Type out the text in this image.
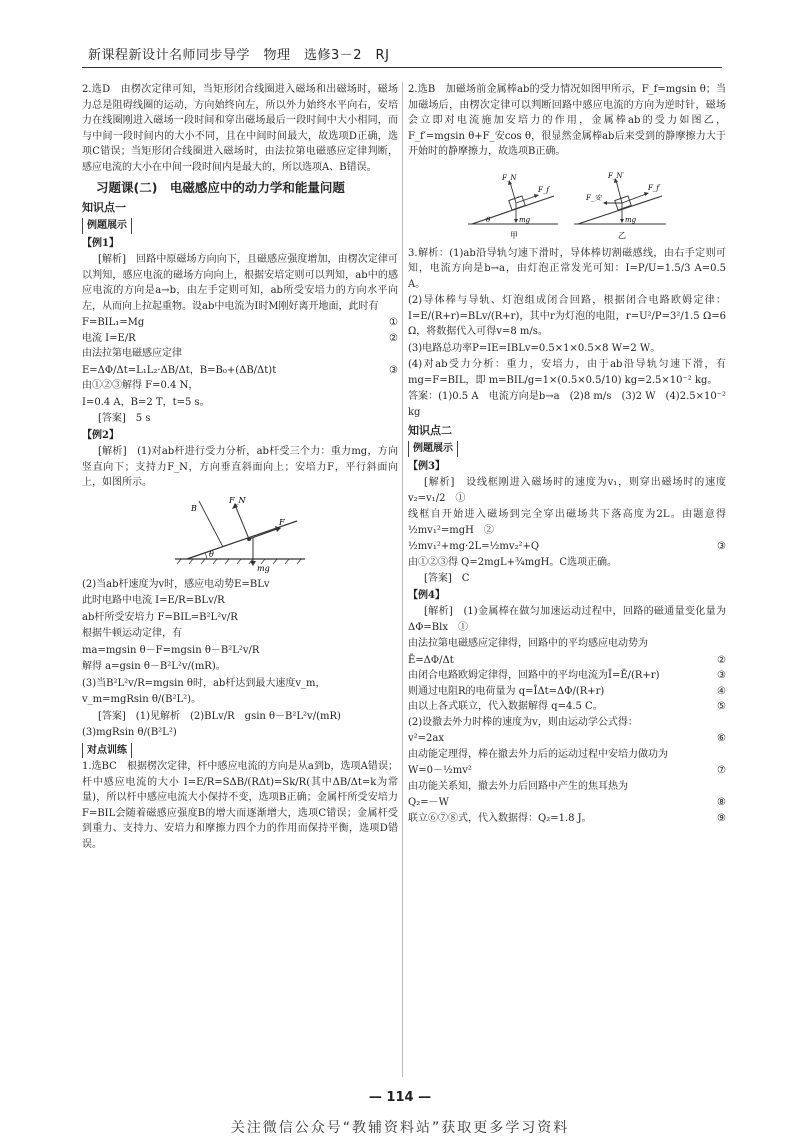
新课程新设计名师同步导学　物理　选修3－2　RJ

2.选D　由楞次定律可知，当矩形闭合线圈进入磁场和出磁场时，磁场力总是阻碍线圈的运动，方向始终向左，所以外力始终水平向右，安培力在线圈刚进入磁场一段时间和穿出磁场最后一段时间中大小相同，而与中间一段时间内的大小不同，且在中间时间最大，故选项D正确，选项C错误；当矩形闭合线圈进入磁场时，由法拉第电磁感应定律判断，感应电流的大小在中间一段时间内是最大的，所以选项A、B错误。

习题课(二)　电磁感应中的动力学和能量问题
知识点一
例题展示

【例1】

[解析]　回路中原磁场方向向下，且磁感应强度增加，由楞次定律可以判知，感应电流的磁场方向向上，根据安培定则可以判知，ab中的感应电流的方向是a→b，由左手定则可知，ab所受安培力的方向水平向左，从而向上拉起重物。设ab中电流为I时M刚好离开地面，此时有

F=BIL₁=Mg	①
电流 I=E/R	②

由法拉第电磁感应定律

E=ΔΦ/Δt=L₁L₂·ΔB/Δt，B=B₀+(ΔB/Δt)t	③

由①②③解得 F=0.4 N，

I=0.4 A，B=2 T，t=5 s。

[答案]　5 s

【例2】

[解析]　(1)对ab杆进行受力分析，ab杆受三个力：重力mg，方向竖直向下；支持力F_N，方向垂直斜面向上；安培力F，平行斜面向上，如图所示。

B
F_N
F
θ
mg

(2)当ab杆速度为v时，感应电动势E=BLv

此时电路中电流 I=E/R=BLv/R

ab杆所受安培力 F=BIL=B²L²v/R

根据牛顿运动定律，有

ma=mgsin θ－F=mgsin θ－B²L²v/R

解得 a=gsin θ－B²L²v/(mR)。

(3)当B²L²v/R=mgsin θ时，ab杆达到最大速度v_m，

v_m=mgRsin θ/(B²L²)。

[答案]　(1)见解析　(2)BLv/R　gsin θ－B²L²v/(mR)

(3)mgRsin θ/(B²L²)

对点训练

1.选BC　根据楞次定律，杆中感应电流的方向是从a到b，选项A错误；杆中感应电流的大小 I=E/R=SΔB/(RΔt)=Sk/R(其中ΔB/Δt=k为常量)，所以杆中感应电流大小保持不变，选项B正确；金属杆所受安培力F=BIL会随着磁感应强度B的增大而逐渐增大，选项C错误；金属杆受到重力、支持力、安培力和摩擦力四个力的作用而保持平衡，选项D错误。

2.选B　加磁场前金属棒ab的受力情况如图甲所示，F_f=mgsin θ；当加磁场后，由楞次定律可以判断回路中感应电流的方向为逆时针，磁场会立即对电流施加安培力的作用，金属棒ab的受力如图乙，F_f′=mgsin θ+F_安cos θ，很显然金属棒ab后来受到的静摩擦力大于开始时的静摩擦力，故选项B正确。

F_N
F_f
mg
θ
甲
F_N′
F_f′
F_安
mg
乙

3.解析：(1)ab沿导轨匀速下滑时，导体棒切割磁感线，由右手定则可知，电流方向是b→a，由灯泡正常发光可知：I=P/U=1.5/3 A=0.5 A。

(2)导体棒与导轨、灯泡组成闭合回路，根据闭合电路欧姆定律：I=E/(R+r)=BLv/(R+r)，其中r为灯泡的电阻，r=U²/P=3²/1.5 Ω=6 Ω，将数据代入可得v=8 m/s。

(3)电路总功率P=IE=IBLv=0.5×1×0.5×8 W=2 W。

(4)对ab受力分析：重力，安培力，由于ab沿导轨匀速下滑，有mg=F=BIL，即 m=BIL/g=1×(0.5×0.5/10) kg=2.5×10⁻² kg。

答案：(1)0.5 A　电流方向是b→a　(2)8 m/s　(3)2 W　(4)2.5×10⁻² kg

知识点二
例题展示

【例3】

[解析]　设线框刚进入磁场时的速度为v₁，则穿出磁场时的速度 v₂=v₁/2　①

线框自开始进入磁场到完全穿出磁场共下落高度为2L。由题意得 ½mv₁²=mgH　②

½mv₁²+mg·2L=½mv₂²+Q	③

由①②③得 Q=2mgL+¾mgH。C选项正确。

[答案]　C

【例4】

[解析]　(1)金属棒在做匀加速运动过程中，回路的磁通量变化量为 ΔΦ=Blx　①

由法拉第电磁感应定律得，回路中的平均感应电动势为

Ē=ΔΦ/Δt	②
由闭合电路欧姆定律得，回路中的平均电流为Ī=Ē/(R+r)	③
则通过电阻R的电荷量为 q=ĪΔt=ΔΦ/(R+r)	④
由以上各式联立，代入数据解得 q=4.5 C。	⑤

(2)设撤去外力时棒的速度为v，则由运动学公式得：

v²=2ax	⑥

由动能定理得，棒在撤去外力后的运动过程中安培力做功为

W=0－½mv²	⑦

由功能关系知，撤去外力后回路中产生的焦耳热为

Q₂=－W	⑧
联立⑥⑦⑧式，代入数据得：Q₂=1.8 J。	⑨
— 114 —
关注微信公众号“教辅资料站”获取更多学习资料
